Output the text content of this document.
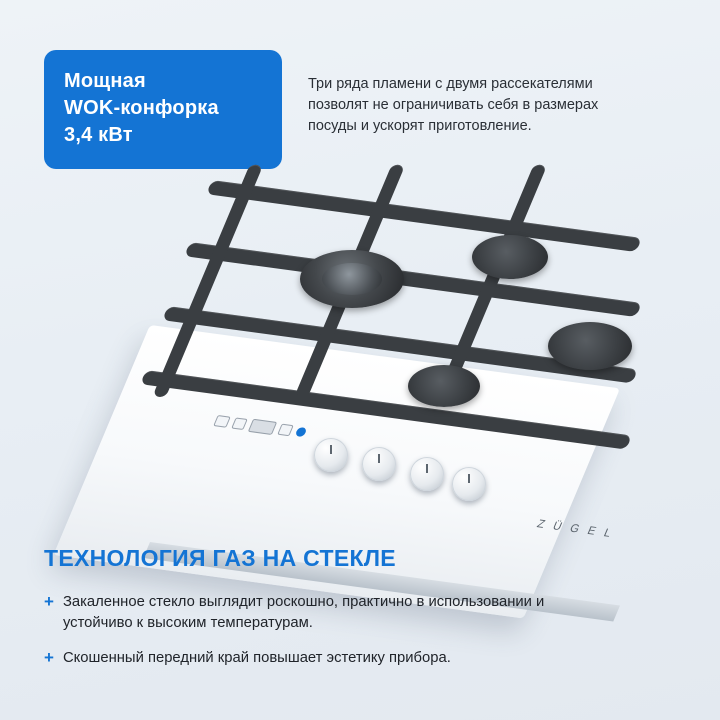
Мощная
WOK-конфорка
3,4 кВт
Три ряда пламени с двумя рассекателями позволят не ограничивать себя в размерах посуды и ускорят приготовление.
Z Ü G E L
ТЕХНОЛОГИЯ ГАЗ НА СТЕКЛЕ
+ Закаленное стекло выглядит роскошно, практично в использовании и устойчиво к высоким температурам.
+ Скошенный передний край повышает эстетику прибора.
